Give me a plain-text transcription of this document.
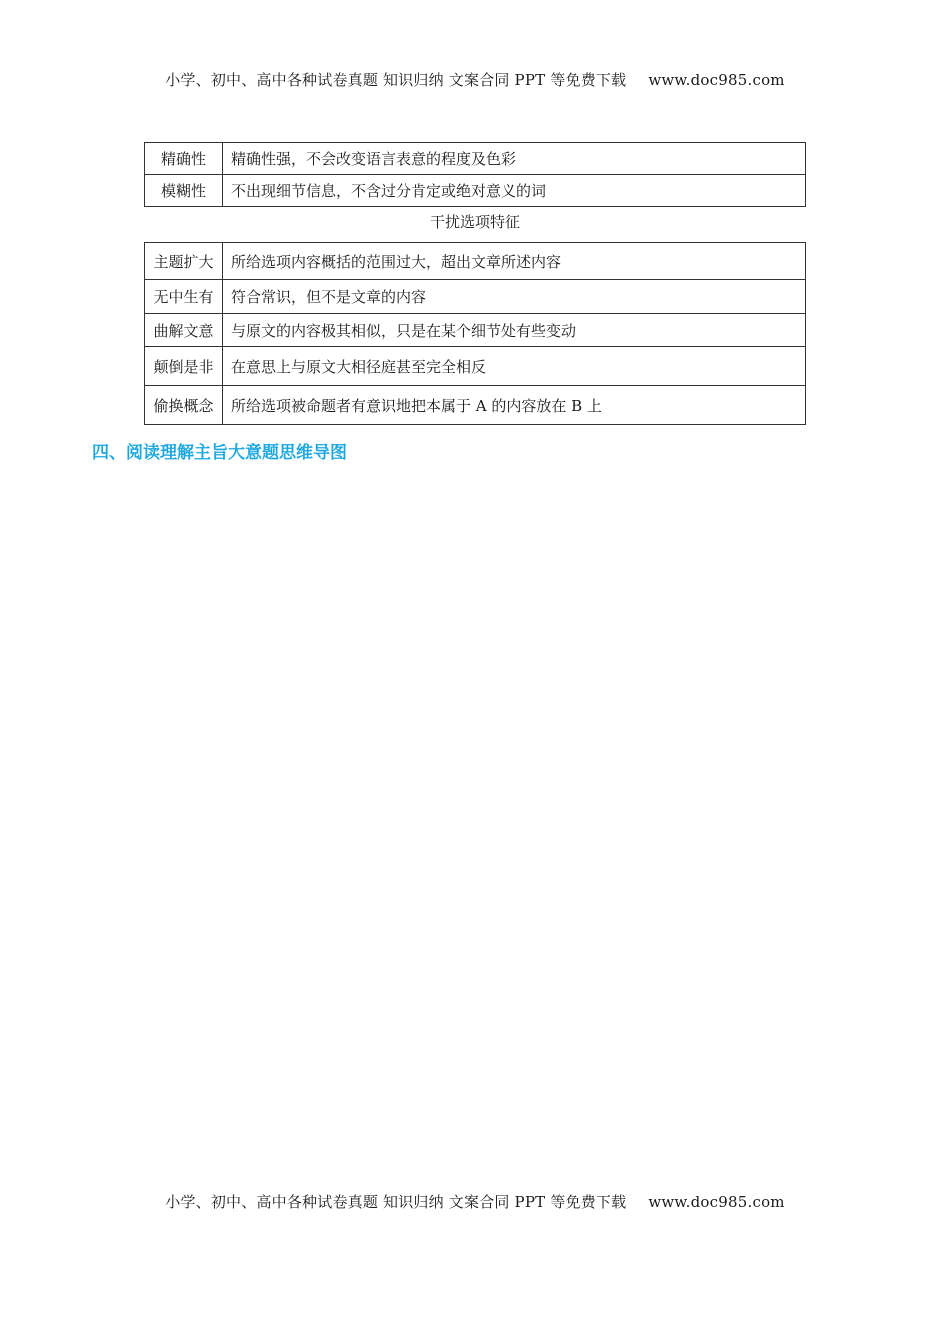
小学、初中、高中各种试卷真题 知识归纳 文案合同 PPT 等免费下载 www.doc985.com
精确性	精确性强，不会改变语言表意的程度及色彩
模糊性	不出现细节信息，不含过分肯定或绝对意义的词
干扰选项特征
主题扩大	所给选项内容概括的范围过大，超出文章所述内容
无中生有	符合常识，但不是文章的内容
曲解文意	与原文的内容极其相似，只是在某个细节处有些变动
颠倒是非	在意思上与原文大相径庭甚至完全相反
偷换概念	所给选项被命题者有意识地把本属于 A 的内容放在 B 上
四、阅读理解主旨大意题思维导图
小学、初中、高中各种试卷真题 知识归纳 文案合同 PPT 等免费下载 www.doc985.com
